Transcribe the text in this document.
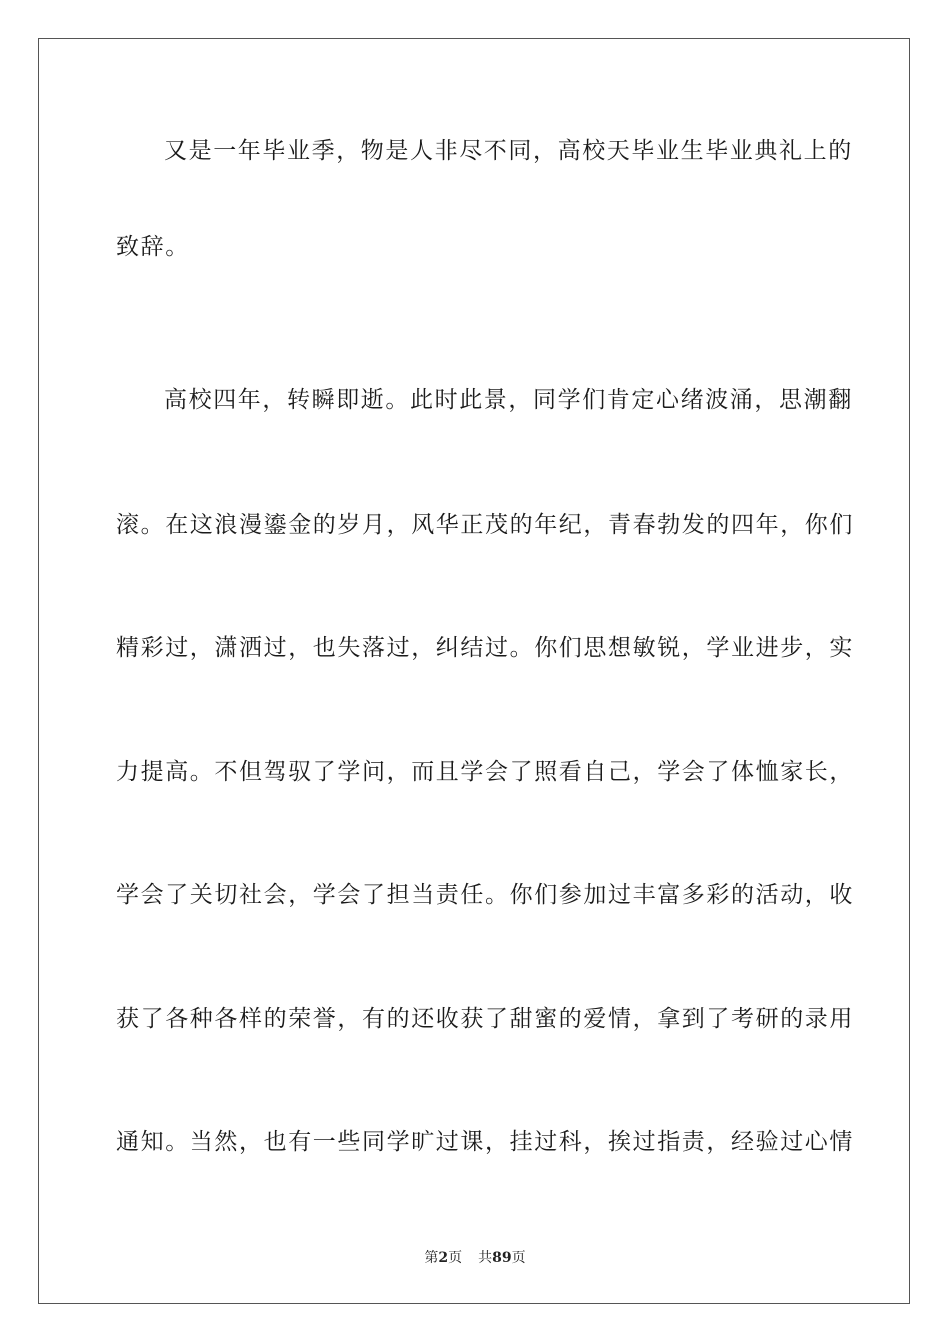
又是一年毕业季，物是人非尽不同，高校天毕业生毕业典礼上的
致辞。
高校四年，转瞬即逝。此时此景，同学们肯定心绪波涌，思潮翻
滚。在这浪漫鎏金的岁月，风华正茂的年纪，青春勃发的四年，你们
精彩过，潇洒过，也失落过，纠结过。你们思想敏锐，学业进步，实
力提高。不但驾驭了学问，而且学会了照看自己，学会了体恤家长，
学会了关切社会，学会了担当责任。你们参加过丰富多彩的活动，收
获了各种各样的荣誉，有的还收获了甜蜜的爱情，拿到了考研的录用
通知。当然，也有一些同学旷过课，挂过科，挨过指责，经验过心情
第2页 共89页
